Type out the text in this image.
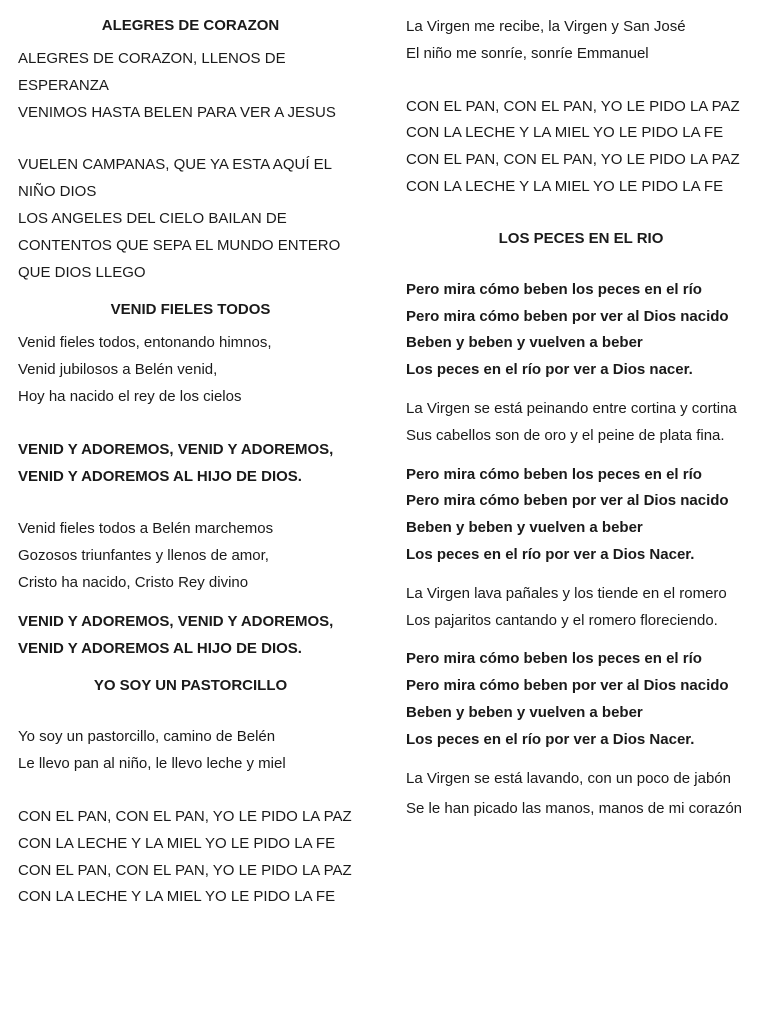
ALEGRES DE CORAZON
ALEGRES DE CORAZON, LLENOS DE ESPERANZA
VENIMOS HASTA BELEN PARA VER A JESUS
VUELEN CAMPANAS, QUE YA ESTA AQUÍ EL NIÑO DIOS
LOS ANGELES DEL CIELO BAILAN DE CONTENTOS QUE SEPA EL MUNDO ENTERO QUE DIOS LLEGO
VENID FIELES TODOS
Venid fieles todos, entonando himnos,
Venid jubilosos a Belén venid,
Hoy ha nacido el rey de los cielos
VENID Y ADOREMOS, VENID Y ADOREMOS,
VENID Y ADOREMOS AL HIJO DE DIOS.
Venid fieles todos a Belén marchemos
Gozosos triunfantes y llenos de amor,
Cristo ha nacido, Cristo Rey divino
VENID Y ADOREMOS, VENID Y ADOREMOS,
VENID Y ADOREMOS AL HIJO DE DIOS.
YO SOY UN PASTORCILLO
Yo soy un pastorcillo, camino de Belén
Le llevo pan al niño, le llevo leche y miel
CON EL PAN, CON EL PAN, YO LE PIDO LA PAZ
CON LA LECHE Y LA MIEL YO LE PIDO LA FE
CON EL PAN, CON EL PAN, YO LE PIDO LA PAZ
CON LA LECHE Y LA MIEL YO LE PIDO LA FE
La Virgen me recibe, la Virgen y San José
El niño me sonríe, sonríe Emmanuel
CON EL PAN, CON EL PAN, YO LE PIDO LA PAZ
CON LA LECHE Y LA MIEL YO LE PIDO LA FE
CON EL PAN, CON EL PAN, YO LE PIDO LA PAZ
CON LA LECHE Y LA MIEL YO LE PIDO LA FE
LOS PECES EN EL RIO
Pero mira cómo beben los peces en el río
Pero mira cómo beben por ver al Dios nacido
Beben y beben y vuelven a beber
Los peces en el río por ver a Dios nacer.
La Virgen se está peinando entre cortina y cortina
Sus cabellos son de oro y el peine de plata fina.
Pero mira cómo beben los peces en el río
Pero mira cómo beben por ver al Dios nacido
Beben y beben y vuelven a beber
Los peces en el río por ver a Dios Nacer.
La Virgen lava pañales y los tiende en el romero
Los pajaritos cantando y el romero floreciendo.
Pero mira cómo beben los peces en el río
Pero mira cómo beben por ver al Dios nacido
Beben y beben y vuelven a beber
Los peces en el río por ver a Dios Nacer.
La Virgen se está lavando, con un poco de jabón
Se le han picado las manos, manos de mi corazón
